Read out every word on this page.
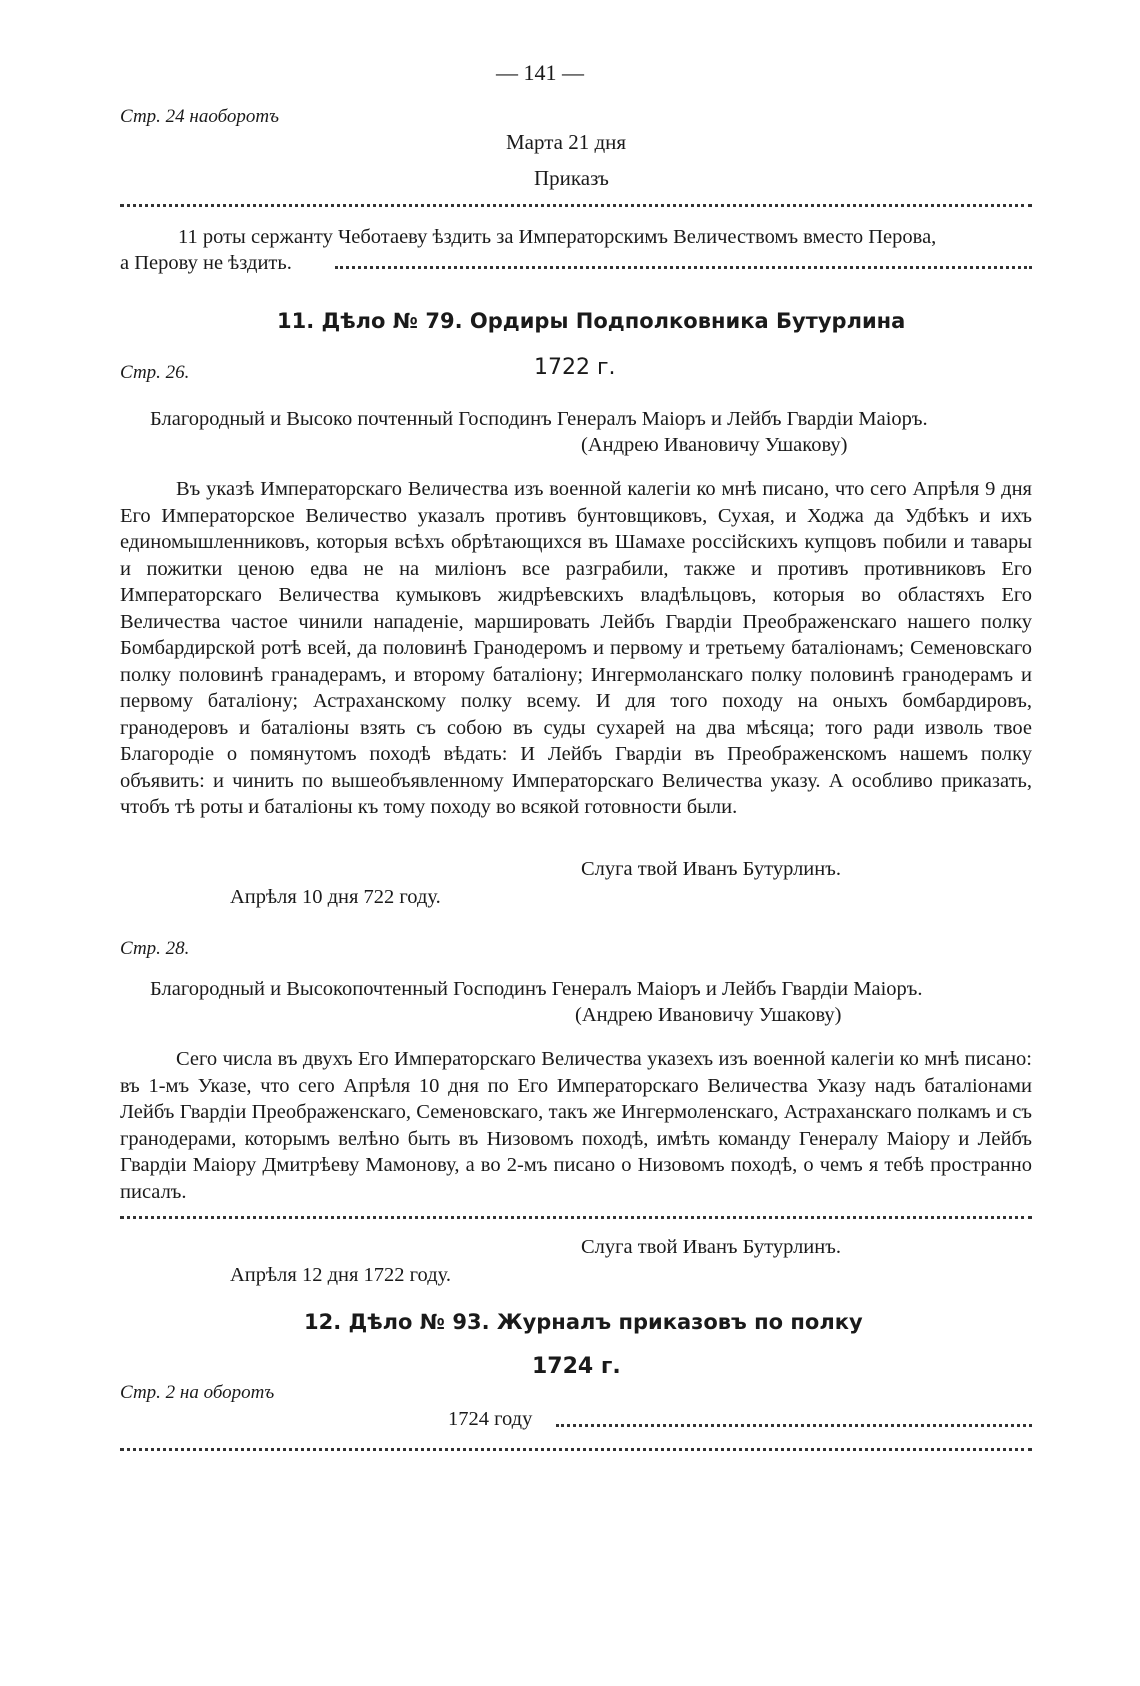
— 141 —
Стр. 24 наоборотъ
Марта 21 дня
Приказъ
11 роты сержанту Чеботаеву ѣздить за Императорскимъ Величествомъ вместо Перова,
а Перову не ѣздить.
11. Дѣло № 79. Ордиры Подполковника Бутурлина
Стр. 26.	1722 г.
Благородный и Высоко почтенный Господинъ Генералъ Маіоръ и Лейбъ Гвардіи Маіоръ.
(Андрею Ивановичу Ушакову)

Въ указѣ Императорскаго Величества изъ военной калегіи ко мнѣ писано, что сего Апрѣля 9 дня Его Императорское Величество указалъ противъ бунтовщиковъ, Сухая, и Ходжа да Удбѣкъ и ихъ единомышленниковъ, которыя всѣхъ обрѣтающихся въ Шамахе россійскихъ купцовъ побили и тавары и пожитки ценою едва не на миліонъ все разграбили, также и противъ противниковъ Его Императорскаго Величества кумыковъ жидрѣевскихъ владѣльцовъ, которыя во областяхъ Его Величества частое чинили нападеніе, маршировать Лейбъ Гвардіи Преображенскаго нашего полку Бомбардирской ротѣ всей, да половинѣ Гранодеромъ и первому и третьему баталіонамъ; Семеновскаго полку половинѣ гранадерамъ, и второму баталіону; Ингермоланскаго полку половинѣ гранодерамъ и первому баталіону; Астраханскому полку всему. И для того походу на оныхъ бомбардировъ, гранодеровъ и баталіоны взять съ собою въ суды сухарей на два мѣсяца; того ради изволь твое Благородіе о помянутомъ походѣ вѣдать: И Лейбъ Гвардіи въ Преображенскомъ нашемъ полку объявить: и чинить по вышеобъявленному Императорскаго Величества указу. А особливо приказать, чтобъ тѣ роты и баталіоны къ тому походу во всякой готовности были.

Слуга твой Иванъ Бутурлинъ.
Апрѣля 10 дня 722 году.
Стр. 28.
Благородный и Высокопочтенный Господинъ Генералъ Маіоръ и Лейбъ Гвардіи Маіоръ.
(Андрею Ивановичу Ушакову)

Сего числа въ двухъ Его Императорскаго Величества указехъ изъ военной калегіи ко мнѣ писано: въ 1-мъ Указе, что сего Апрѣля 10 дня по Его Императорскаго Величества Указу надъ баталіонами Лейбъ Гвардіи Преображенскаго, Семеновскаго, такъ же Ингермоленскаго, Астраханскаго полкамъ и съ гранодерами, которымъ велѣно быть въ Низовомъ походѣ, имѣть команду Генералу Маіору и Лейбъ Гвардіи Маіору Дмитрѣеву Мамонову, а во 2-мъ писано о Низовомъ походѣ, о чемъ я тебѣ пространно писалъ.

Слуга твой Иванъ Бутурлинъ.
Апрѣля 12 дня 1722 году.
12. Дѣло № 93. Журналъ приказовъ по полку
1724 г.
Стр. 2 на оборотъ
1724 году
